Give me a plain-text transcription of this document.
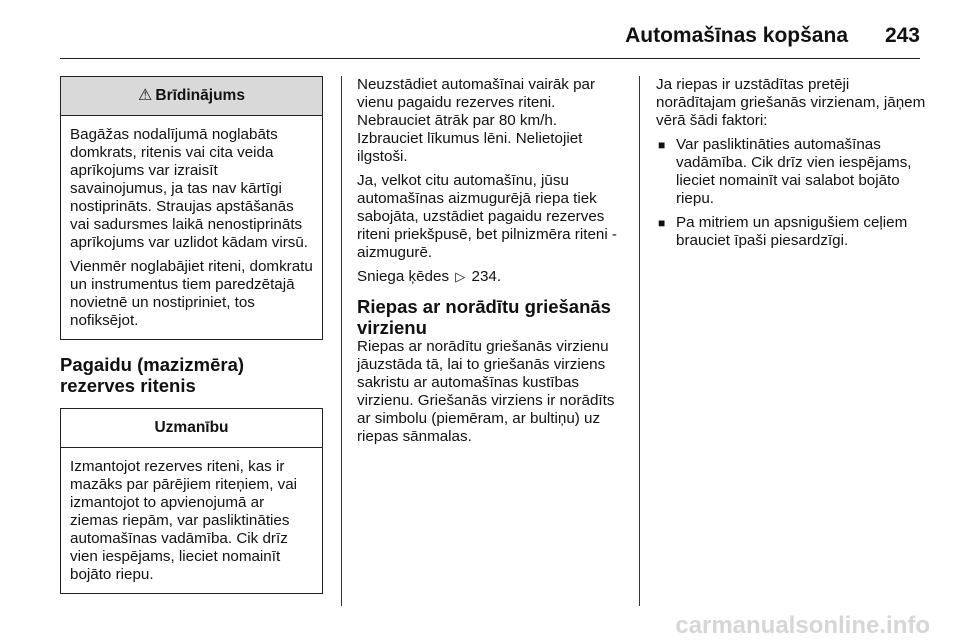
Automašīnas kopšana 243
⚠ Brīdinājums

Bagāžas nodalījumā noglabāts domkrats, ritenis vai cita veida aprīkojums var izraisīt savainojumus, ja tas nav kārtīgi nostiprināts. Straujas apstāšanās vai sadursmes laikā nenostiprināts aprīkojums var uzlidot kādam virsū.

Vienmēr noglabājiet riteni, domkratu un instrumentus tiem paredzētajā novietnē un nostipriniet, tos nofiksējot.

Pagaidu (mazizmēra) rezerves ritenis
Uzmanību

Izmantojot rezerves riteni, kas ir mazāks par pārējiem riteņiem, vai izmantojot to apvienojumā ar ziemas riepām, var pasliktināties automašīnas vadāmība. Cik drīz vien iespējams, lieciet nomainīt bojāto riepu.

Neuzstādiet automašīnai vairāk par vienu pagaidu rezerves riteni. Nebrauciet ātrāk par 80 km/h. Izbrauciet līkumus lēni. Nelietojiet ilgstoši.

Ja, velkot citu automašīnu, jūsu automašīnas aizmugurējā riepa tiek sabojāta, uzstādiet pagaidu rezerves riteni priekšpusē, bet pilnizmēra riteni - aizmugurē.

Sniega ķēdes ▷ 234.

Riepas ar norādītu griešanās virzienu

Riepas ar norādītu griešanās virzienu jāuzstāda tā, lai to griešanās virziens sakristu ar automašīnas kustības virzienu. Griešanās virziens ir norādīts ar simbolu (piemēram, ar bultiņu) uz riepas sānmalas.

Ja riepas ir uzstādītas pretēji norādītajam griešanās virzienam, jāņem vērā šādi faktori:

■ Var pasliktināties automašīnas vadāmība. Cik drīz vien iespējams, lieciet nomainīt vai salabot bojāto riepu.
■ Pa mitriem un apsnigušiem ceļiem brauciet īpaši piesardzīgi.
carmanualsonline.info
